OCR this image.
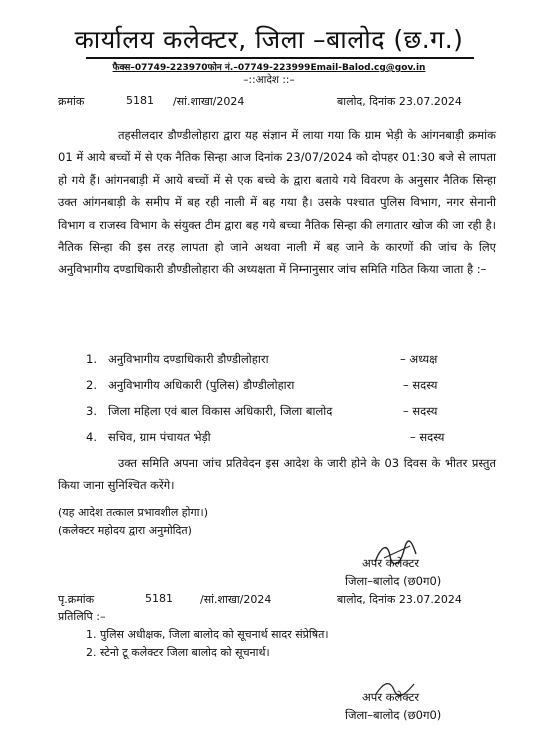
कार्यालय कलेक्टर, जिला –बालोद (छ.ग.)
फैक्स–07749-223970फोन नं.–07749-223999Email-Balod.cg@gov.in
–::आदेश ::–
क्रमांक	5181 /सां.शाखा/2024	बालोद, दिनांक 23.07.2024

तहसीलदार डौण्डीलोहारा द्वारा यह संज्ञान में लाया गया कि ग्राम भेड़ी के आंगनबाड़ी क्रमांक 01 में आये बच्चों में से एक नैतिक सिन्हा आज दिनांक 23/07/2024 को दोपहर 01:30 बजे से लापता हो गये हैं। आंगनबाड़ी में आये बच्चों में से एक बच्चे के द्वारा बताये गये विवरण के अनुसार नैतिक सिन्हा उक्त आंगनबाड़ी के समीप में बह रही नाली में बह गया है। उसके पश्चात पुलिस विभाग, नगर सेनानी विभाग व राजस्व विभाग के संयुक्त टीम द्वारा बह गये बच्चा नैतिक सिन्हा की लगातार खोज की जा रही है। नैतिक सिन्हा की इस तरह लापता हो जाने अथवा नाली में बह जाने के कारणों की जांच के लिए अनुविभागीय दण्डाधिकारी डौण्डीलोहारा की अध्यक्षता में निम्नानुसार जांच समिति गठित किया जाता है :–

1. अनुविभागीय दण्डाधिकारी डौण्डीलोहारा	– अध्यक्ष
2. अनुविभागीय अधिकारी (पुलिस) डौण्डीलोहारा	– सदस्य
3. जिला महिला एवं बाल विकास अधिकारी, जिला बालोद	– सदस्य
4. सचिव, ग्राम पंचायत भेड़ी	– सदस्य

उक्त समिति अपना जांच प्रतिवेदन इस आदेश के जारी होने के 03 दिवस के भीतर प्रस्तुत किया जाना सुनिश्चित करेंगे।

(यह आदेश तत्काल प्रभावशील होगा।)
(कलेक्टर महोदय द्वारा अनुमोदित)
अपर कलेक्टर
जिला–बालोद (छ0ग0)
पृ.क्रमांक	5181 /सां.शाखा/2024	बालोद, दिनांक 23.07.2024
प्रतिलिपि :–
1. पुलिस अधीक्षक, जिला बालोद को सूचनार्थ सादर संप्रेषित।
2. स्टेनो टू कलेक्टर जिला बालोद को सूचनार्थ।
अपर कलेक्टर
जिला–बालोद (छ0ग0)
